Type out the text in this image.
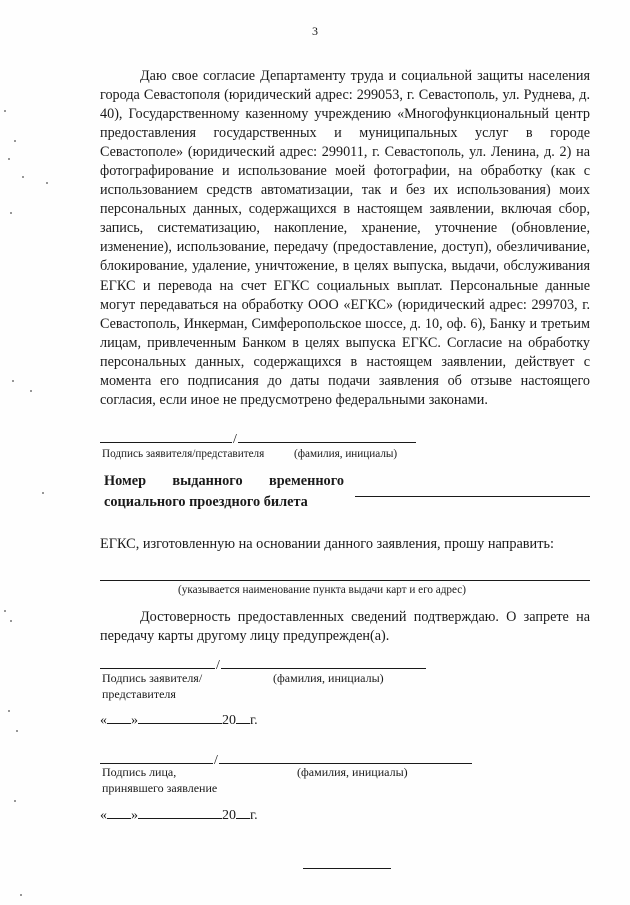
3

Даю свое согласие Департаменту труда и социальной защиты населения города Севастополя (юридический адрес: 299053, г. Севастополь, ул. Руднева, д. 40), Государственному казенному учреждению «Многофункциональный центр предоставления государственных и муниципальных услуг в городе Севастополе» (юридический адрес: 299011, г. Севастополь, ул. Ленина, д. 2) на фотографирование и использование моей фотографии, на обработку (как с использованием средств автоматизации, так и без их использования) моих персональных данных, содержащихся в настоящем заявлении, включая сбор, запись, систематизацию, накопление, хранение, уточнение (обновление, изменение), использование, передачу (предоставление, доступ), обезличивание, блокирование, удаление, уничтожение, в целях выпуска, выдачи, обслуживания ЕГКС и перевода на счет ЕГКС социальных выплат. Персональные данные могут передаваться на обработку ООО «ЕГКС» (юридический адрес: 299703, г. Севастополь, Инкерман, Симферопольское шоссе, д. 10, оф. 6), Банку и третьим лицам, привлеченным Банком в целях выпуска ЕГКС. Согласие на обработку персональных данных, содержащихся в настоящем заявлении, действует с момента его подписания до даты подачи заявления об отзыве настоящего согласия, если иное не предусмотрено федеральными законами.

/
Подпись заявителя/представителя	(фамилия, инициалы)
Номер выданного временного
социального проездного билета
ЕГКС, изготовленную на основании данного заявления, прошу направить:
(указывается наименование пункта выдачи карт и его адрес)

Достоверность предоставленных сведений подтверждаю. О запрете на передачу карты другому лицу предупрежден(а).

/
Подпись заявителя/
представителя
(фамилия, инициалы)
« »	20 г.
/
Подпись лица,
принявшего заявление
(фамилия, инициалы)
« »	20 г.
